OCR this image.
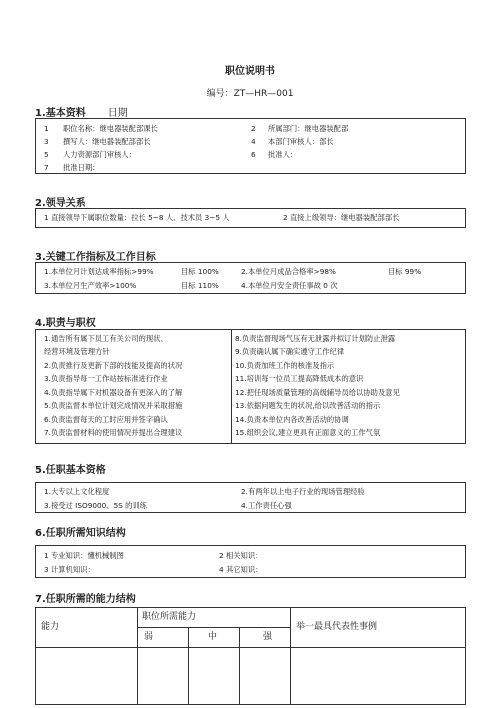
职位说明书
编号：ZT—HR—001
1.基本资料 日期
1 职位名称：继电器装配部课长	2 所属部门：继电器装配部
3 撰写人：继电器装配部部长	4 本部门审核人：部长
5 人力资源部门审核人：	6 批准人：
7 批准日期：
2.领导关系
1 直接领导下属职位数量：拉长 5~8 人、技术员 3~5 人	2 直接上级领导：继电器装配部部长
3.关键工作指标及工作目标
1.本单位月计划达成率指标>99%	目标 100%	2.本单位月成品合格率>98%	目标 99%
3.本单位月生产效率>100%	目标 110%	4.本单位月安全责任事故 0 次
4.职责与职权
1.通告所有属下员工有关公司的现状、
经营环境及管理方针
2.负责推行及更新下部的技能及提高的状况
3.负责指导每一工作站按标准进行作业
4.负责指导属下对机器设备有更深入的了解
5.负责监督本单位计划完成情况并采取措施
6.负责监督每天的工时应用并签字确认
7.负责监督材料的使用情况并提出合理建议
8.负责监督现场气压有无泄露并拟订计划防止泄露
9.负责确认属下确实遵守工作纪律
10.负责加班工作的核准及指示
11.培训每一位员工提高降低成本的意识
12.把任现场质量管理的高级辅导员给以协助及意见
13.依据问题发生的状况,给以改善活动的指示
14.负责本单位内各改善活动的协调
15.组织会议,建立更具有正面意义的工作气氛
5.任职基本资格
1.大专以上文化程度	2.有两年以上电子行业的现场管理经验
3.接受过 ISO9000、5S 的训练	4.工作责任心强
6.任职所需知识结构
1 专业知识：懂机械制图	2 相关知识：
3 计算机知识：	4 其它知识：
7.任职所需的能力结构
能力
职位所需能力
弱	中	强
举一最具代表性事例
